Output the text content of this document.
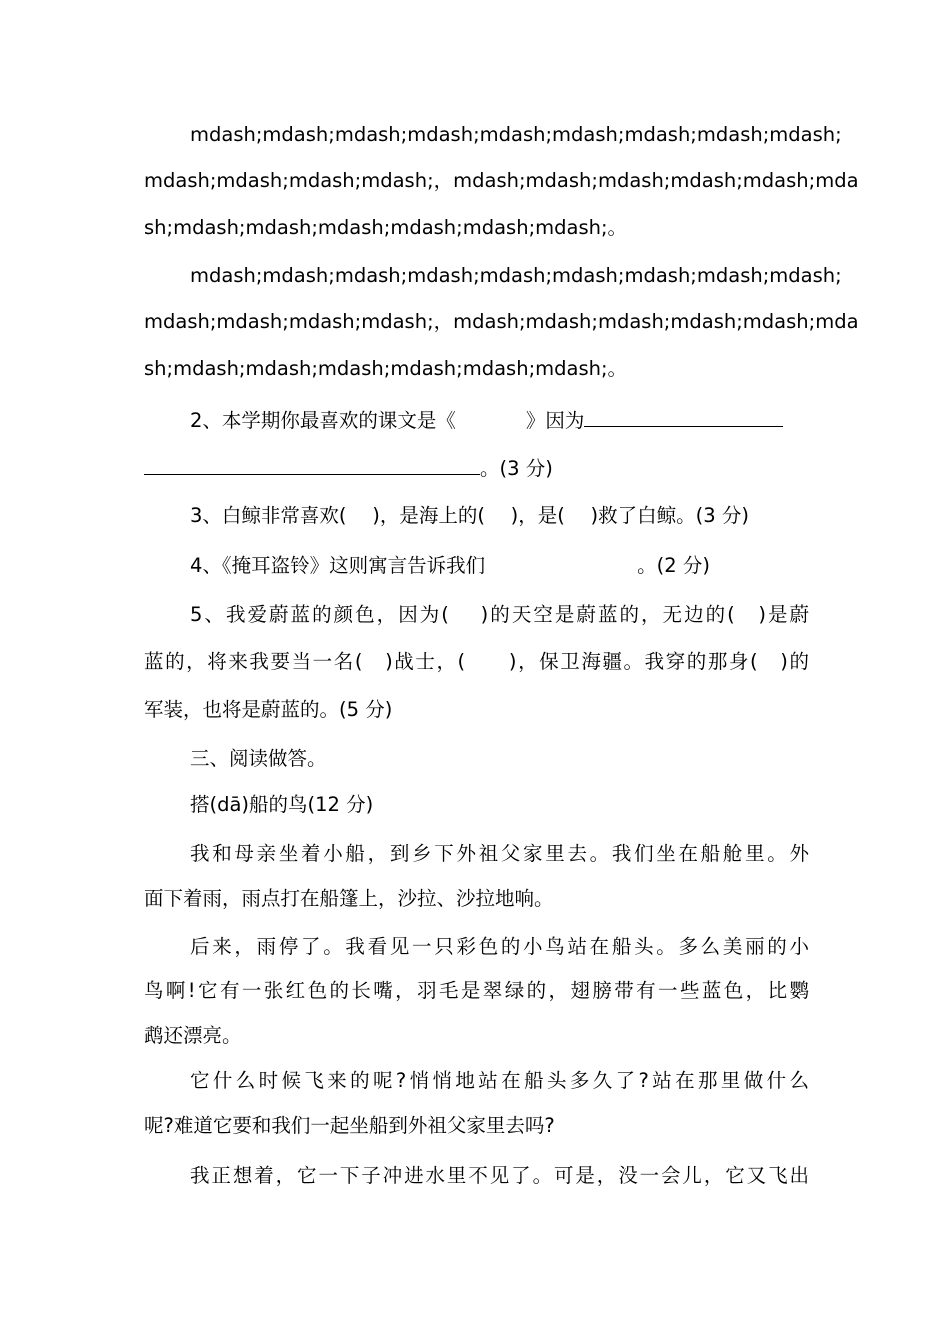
mdash;mdash;mdash;mdash;mdash;mdash;mdash;mdash;mdash;
mdash;mdash;mdash;mdash;，mdash;mdash;mdash;mdash;mdash;mda
sh;mdash;mdash;mdash;mdash;mdash;mdash;。
mdash;mdash;mdash;mdash;mdash;mdash;mdash;mdash;mdash;
mdash;mdash;mdash;mdash;，mdash;mdash;mdash;mdash;mdash;mda
sh;mdash;mdash;mdash;mdash;mdash;mdash;。
2、本学期你最喜欢的课文是《	》因为
。(3 分)
3、白鲸非常喜欢(　 )，是海上的(　 )，是(　 )救了白鲸。(3 分)
4、《掩耳盗铃》这则寓言告诉我们	。(2 分)
5、我爱蔚蓝的颜色，因为(　 )的天空是蔚蓝的，无边的(　)是蔚
蓝的，将来我要当一名(　)战士，(　　)，保卫海疆。我穿的那身(　)的
军装，也将是蔚蓝的。(5 分)
三、阅读做答。
搭(dā)船的鸟(12 分)
我和母亲坐着小船，到乡下外祖父家里去。我们坐在船舱里。外
面下着雨，雨点打在船篷上，沙拉、沙拉地响。
后来，雨停了。我看见一只彩色的小鸟站在船头。多么美丽的小
鸟啊!它有一张红色的长嘴，羽毛是翠绿的，翅膀带有一些蓝色，比鹦
鹉还漂亮。
它什么时候飞来的呢?悄悄地站在船头多久了?站在那里做什么
呢?难道它要和我们一起坐船到外祖父家里去吗?
我正想着，它一下子冲进水里不见了。可是，没一会儿，它又飞出
